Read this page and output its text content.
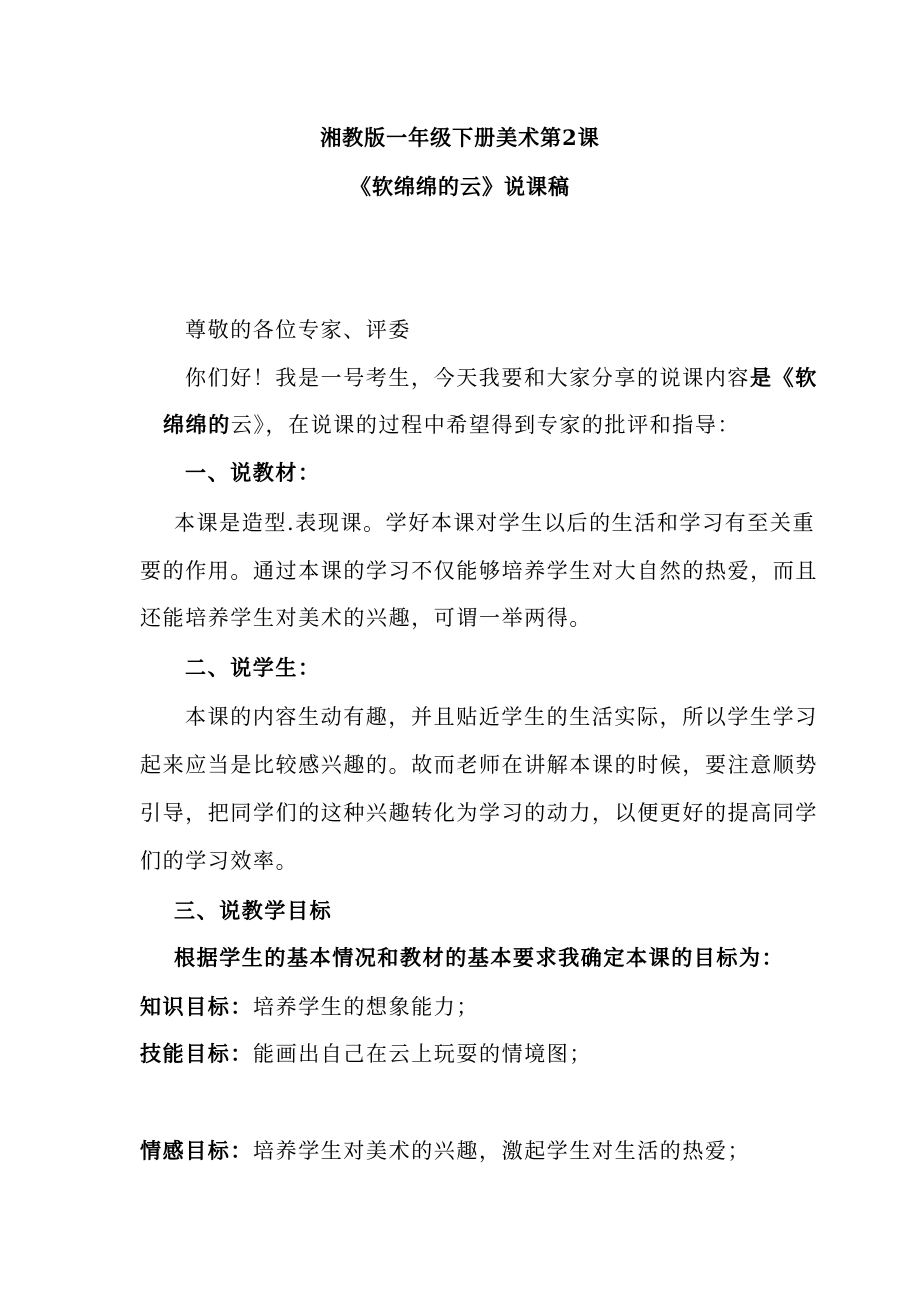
湘教版一年级下册美术第2课
《软绵绵的云》说课稿
尊敬的各位专家、评委
你们好！我是一号考生，今天我要和大家分享的说课内容是《软
绵绵的云》，在说课的过程中希望得到专家的批评和指导：
一、说教材：
本课是造型.表现课。学好本课对学生以后的生活和学习有至关重
要的作用。通过本课的学习不仅能够培养学生对大自然的热爱，而且
还能培养学生对美术的兴趣，可谓一举两得。
二、说学生：
本课的内容生动有趣，并且贴近学生的生活实际，所以学生学习
起来应当是比较感兴趣的。故而老师在讲解本课的时候，要注意顺势
引导，把同学们的这种兴趣转化为学习的动力，以便更好的提高同学
们的学习效率。
三、说教学目标
根据学生的基本情况和教材的基本要求我确定本课的目标为：
知识目标：培养学生的想象能力；
技能目标：能画出自己在云上玩耍的情境图；
情感目标：培养学生对美术的兴趣，激起学生对生活的热爱；
